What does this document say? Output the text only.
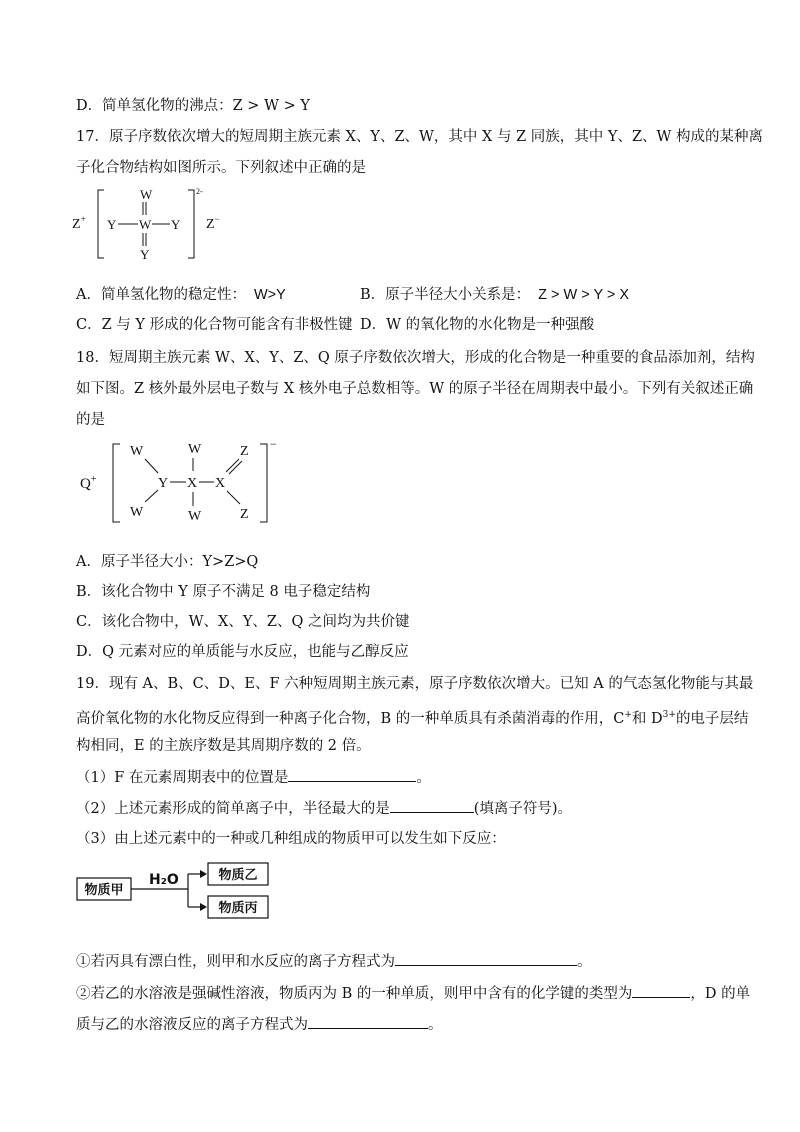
D．简单氢化物的沸点：Z > W > Y
17．原子序数依次增大的短周期主族元素 X、Y、Z、W，其中 X 与 Z 同族，其中 Y、Z、W 构成的某种离
子化合物结构如图所示。下列叙述中正确的是
Z+
W
Y W Y
Y
2-
Z−
A．简单氢化物的稳定性： W>Y	B．原子半径大小关系是： Z > W > Y > X
C．Z 与 Y 形成的化合物可能含有非极性键 D．W 的氧化物的水化物是一种强酸
18．短周期主族元素 W、X、Y、Z、Q 原子序数依次增大，形成的化合物是一种重要的食品添加剂，结构
如下图。Z 核外最外层电子数与 X 核外电子总数相等。W 的原子半径在周期表中最小。下列有关叙述正确
的是
Q+
W
W
Y
W
X
W
X
Z
Z
−
A．原子半径大小：Y>Z>Q
B．该化合物中 Y 原子不满足 8 电子稳定结构
C．该化合物中，W、X、Y、Z、Q 之间均为共价键
D．Q 元素对应的单质能与水反应，也能与乙醇反应
19．现有 A、B、C、D、E、F 六种短周期主族元素，原子序数依次增大。已知 A 的气态氢化物能与其最
高价氧化物的水化物反应得到一种离子化合物，B 的一种单质具有杀菌消毒的作用，C+和 $D^{3+}$的电子层结
构相同，E 的主族序数是其周期序数的 2 倍。
（1）F 在元素周期表中的位置是	。
（2）上述元素形成的简单离子中，半径最大的是	(填离子符号)。
（3）由上述元素中的一种或几种组成的物质甲可以发生如下反应：
物质甲
H₂O	物质乙
物质丙
①若丙具有漂白性，则甲和水反应的离子方程式为	。
②若乙的水溶液是强碱性溶液，物质丙为 B 的一种单质，则甲中含有的化学键的类型为	，D 的单
质与乙的水溶液反应的离子方程式为	。
